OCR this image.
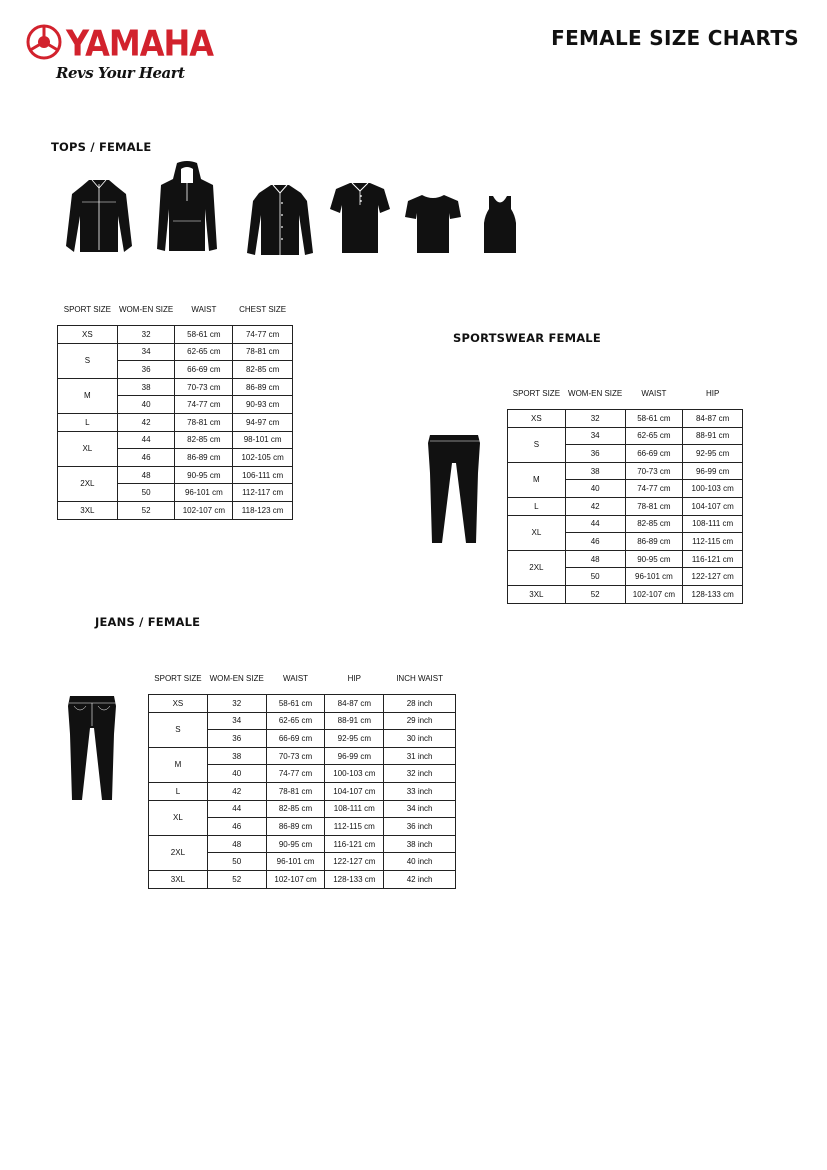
YAMAHA
Revs Your Heart
FEMALE SIZE CHARTS
TOPS / FEMALE
SPORT SIZE	WOM-EN SIZE	WAIST	CHEST SIZE
XS	32	58-61 cm	74-77 cm
S	34	62-65 cm	78-81 cm
	36	66-69 cm	82-85 cm
M	38	70-73 cm	86-89 cm
	40	74-77 cm	90-93 cm
L	42	78-81 cm	94-97 cm
XL	44	82-85 cm	98-101 cm
	46	86-89 cm	102-105 cm
2XL	48	90-95 cm	106-111 cm
	50	96-101 cm	112-117 cm
3XL	52	102-107 cm	118-123 cm
SPORTSWEAR FEMALE
SPORT SIZE	WOM-EN SIZE	WAIST	HIP
XS	32	58-61 cm	84-87 cm
S	34	62-65 cm	88-91 cm
	36	66-69 cm	92-95 cm
M	38	70-73 cm	96-99 cm
	40	74-77 cm	100-103 cm
L	42	78-81 cm	104-107 cm
XL	44	82-85 cm	108-111 cm
	46	86-89 cm	112-115 cm
2XL	48	90-95 cm	116-121 cm
	50	96-101 cm	122-127 cm
3XL	52	102-107 cm	128-133 cm
JEANS / FEMALE
SPORT SIZE	WOM-EN SIZE	WAIST	HIP	INCH WAIST
XS	32	58-61 cm	84-87 cm	28 inch
S	34	62-65 cm	88-91 cm	29 inch
	36	66-69 cm	92-95 cm	30 inch
M	38	70-73 cm	96-99 cm	31 inch
	40	74-77 cm	100-103 cm	32 inch
L	42	78-81 cm	104-107 cm	33 inch
XL	44	82-85 cm	108-111 cm	34 inch
	46	86-89 cm	112-115 cm	36 inch
2XL	48	90-95 cm	116-121 cm	38 inch
	50	96-101 cm	122-127 cm	40 inch
3XL	52	102-107 cm	128-133 cm	42 inch
